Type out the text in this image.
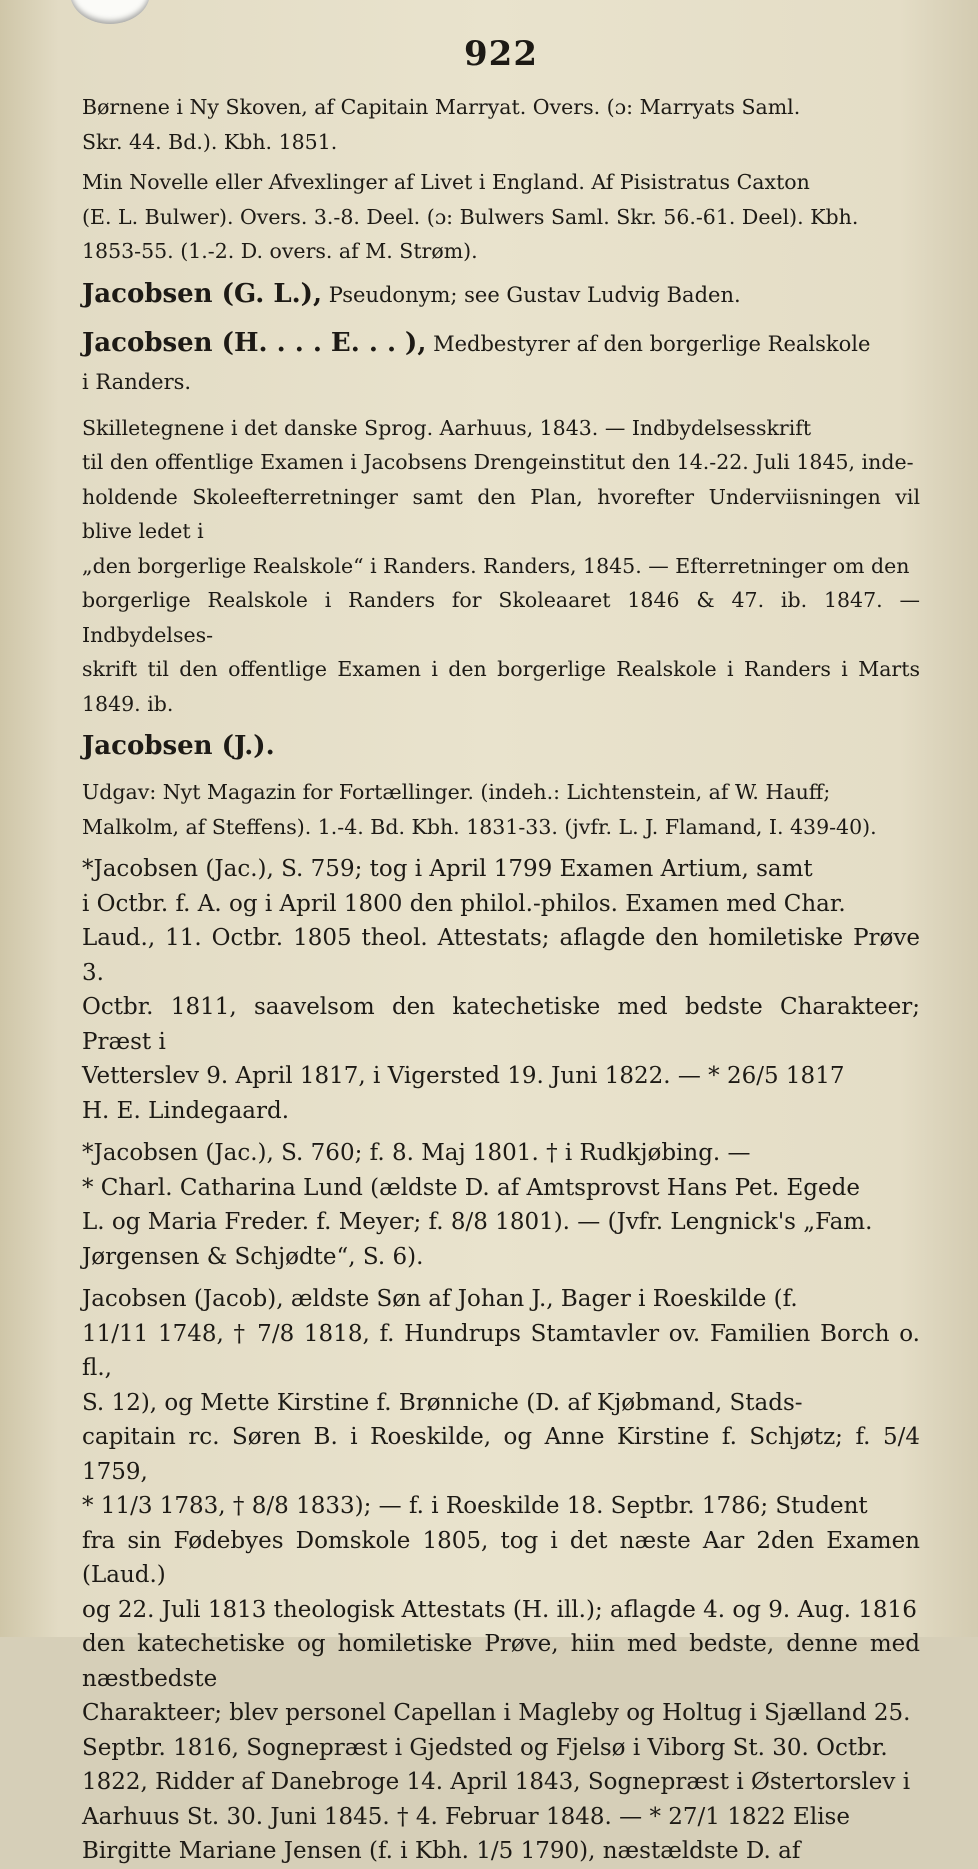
922
Børnene i Ny Skoven, af Capitain Marryat. Overs. (ɔ: Marryats Saml.
Skr. 44. Bd.). Kbh. 1851.
Min Novelle eller Afvexlinger af Livet i England. Af Pisistratus Caxton
(E. L. Bulwer). Overs. 3.-8. Deel. (ɔ: Bulwers Saml. Skr. 56.-61. Deel). Kbh.
1853-55. (1.-2. D. overs. af M. Strøm).
Jacobsen (G. L.), Pseudonym; see Gustav Ludvig Baden.
Jacobsen (H. . . . E. . . ), Medbestyrer af den borgerlige Realskole
i Randers.
Skilletegnene i det danske Sprog. Aarhuus, 1843. — Indbydelsesskrift
til den offentlige Examen i Jacobsens Drengeinstitut den 14.-22. Juli 1845, inde-
holdende Skoleefterretninger samt den Plan, hvorefter Underviisningen vil blive ledet i
„den borgerlige Realskole“ i Randers. Randers, 1845. — Efterretninger om den
borgerlige Realskole i Randers for Skoleaaret 1846 & 47. ib. 1847. — Indbydelses-
skrift til den offentlige Examen i den borgerlige Realskole i Randers i Marts 1849. ib.
Jacobsen (J.).
Udgav: Nyt Magazin for Fortællinger. (indeh.: Lichtenstein, af W. Hauff;
Malkolm, af Steffens). 1.-4. Bd. Kbh. 1831-33. (jvfr. L. J. Flamand, I. 439-40).
*Jacobsen (Jac.), S. 759; tog i April 1799 Examen Artium, samt
i Octbr. f. A. og i April 1800 den philol.-philos. Examen med Char.
Laud., 11. Octbr. 1805 theol. Attestats; aflagde den homiletiske Prøve 3.
Octbr. 1811, saavelsom den katechetiske med bedste Charakteer; Præst i
Vetterslev 9. April 1817, i Vigersted 19. Juni 1822. — * 26/5 1817
H. E. Lindegaard.
*Jacobsen (Jac.), S. 760; f. 8. Maj 1801. † i Rudkjøbing. —
* Charl. Catharina Lund (ældste D. af Amtsprovst Hans Pet. Egede
L. og Maria Freder. f. Meyer; f. 8/8 1801). — (Jvfr. Lengnick's „Fam.
Jørgensen & Schjødte“, S. 6).
Jacobsen (Jacob), ældste Søn af Johan J., Bager i Roeskilde (f.
11/11 1748, † 7/8 1818, f. Hundrups Stamtavler ov. Familien Borch o. fl.,
S. 12), og Mette Kirstine f. Brønniche (D. af Kjøbmand, Stads-
capitain rc. Søren B. i Roeskilde, og Anne Kirstine f. Schjøtz; f. 5/4 1759,
* 11/3 1783, † 8/8 1833); — f. i Roeskilde 18. Septbr. 1786; Student
fra sin Fødebyes Domskole 1805, tog i det næste Aar 2den Examen (Laud.)
og 22. Juli 1813 theologisk Attestats (H. ill.); aflagde 4. og 9. Aug. 1816
den katechetiske og homiletiske Prøve, hiin med bedste, denne med næstbedste
Charakteer; blev personel Capellan i Magleby og Holtug i Sjælland 25.
Septbr. 1816, Sognepræst i Gjedsted og Fjelsø i Viborg St. 30. Octbr.
1822, Ridder af Danebroge 14. April 1843, Sognepræst i Østertorslev i
Aarhuus St. 30. Juni 1845. † 4. Februar 1848. — * 27/1 1822 Elise
Birgitte Mariane Jensen (f. i Kbh. 1/5 1790), næstældste D. af
